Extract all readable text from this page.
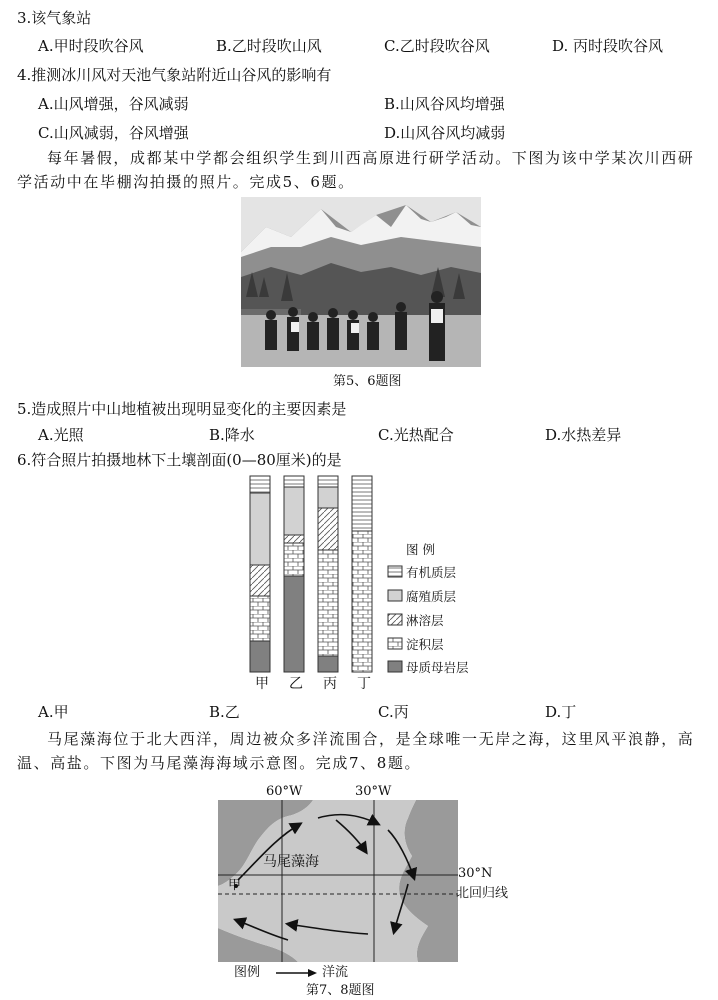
3.该气象站
A.甲时段吹谷风	B.乙时段吹山风	C.乙时段吹谷风	D. 丙时段吹谷风
4.推测冰川风对天池气象站附近山谷风的影响有
A.山风增强，谷风减弱	B.山风谷风均增强
C.山风减弱，谷风增强	D.山风谷风均减弱
每年暑假，成都某中学都会组织学生到川西高原进行研学活动。下图为该中学某次川西研学活动中在毕棚沟拍摄的照片。完成5、6题。
第5、6题图
5.造成照片中山地植被出现明显变化的主要因素是
A.光照	B.降水	C.光热配合	D.水热差异
6.符合照片拍摄地林下土壤剖面(0—80厘米)的是
甲 乙 丙 丁
图 例
有机质层
腐殖质层
淋溶层
淀积层
母质母岩层
A.甲	B.乙	C.丙	D.丁
马尾藻海位于北大西洋，周边被众多洋流围合，是全球唯一无岸之海，这里风平浪静，高温、高盐。下图为马尾藻海海域示意图。完成7、8题。
60°W	30°W
马尾藻海
甲
30°N
北回归线
图例	洋流
第7、8题图
